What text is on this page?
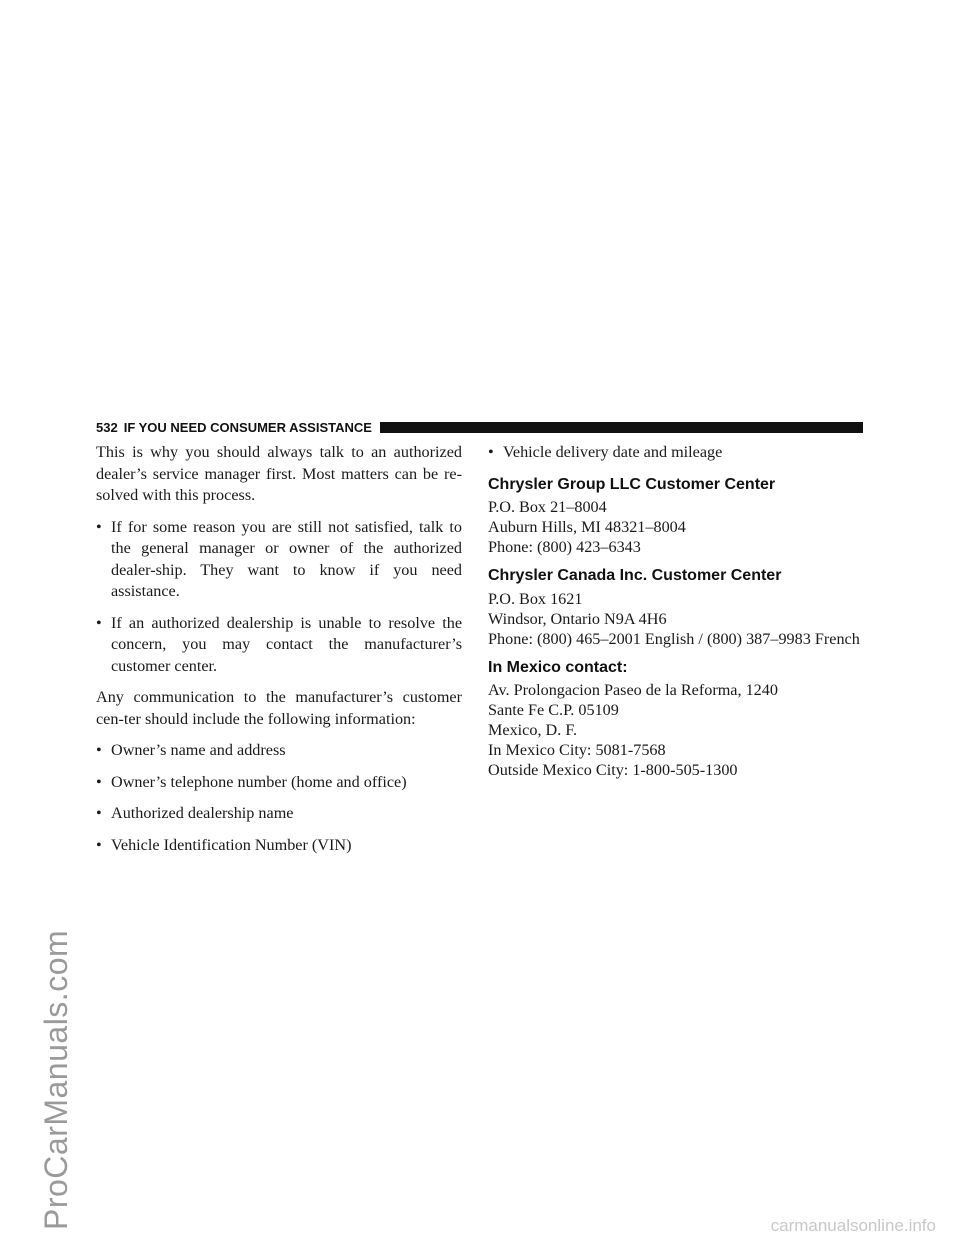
ProCarManuals.com
532 IF YOU NEED CONSUMER ASSISTANCE

This is why you should always talk to an authorized dealer’s service manager first. Most matters can be re-solved with this process.

• If for some reason you are still not satisfied, talk to the general manager or owner of the authorized dealer-ship. They want to know if you need assistance.
• If an authorized dealership is unable to resolve the concern, you may contact the manufacturer’s customer center.

Any communication to the manufacturer’s customer cen-ter should include the following information:

• Owner’s name and address
• Owner’s telephone number (home and office)
• Authorized dealership name
• Vehicle Identification Number (VIN)
• Vehicle delivery date and mileage
Chrysler Group LLC Customer Center

P.O. Box 21–8004

Auburn Hills, MI 48321–8004

Phone: (800) 423–6343

Chrysler Canada Inc. Customer Center

P.O. Box 1621

Windsor, Ontario N9A 4H6

Phone: (800) 465–2001 English / (800) 387–9983 French

In Mexico contact:

Av. Prolongacion Paseo de la Reforma, 1240

Sante Fe C.P. 05109

Mexico, D. F.

In Mexico City: 5081-7568

Outside Mexico City: 1-800-505-1300

carmanualsonline.info
